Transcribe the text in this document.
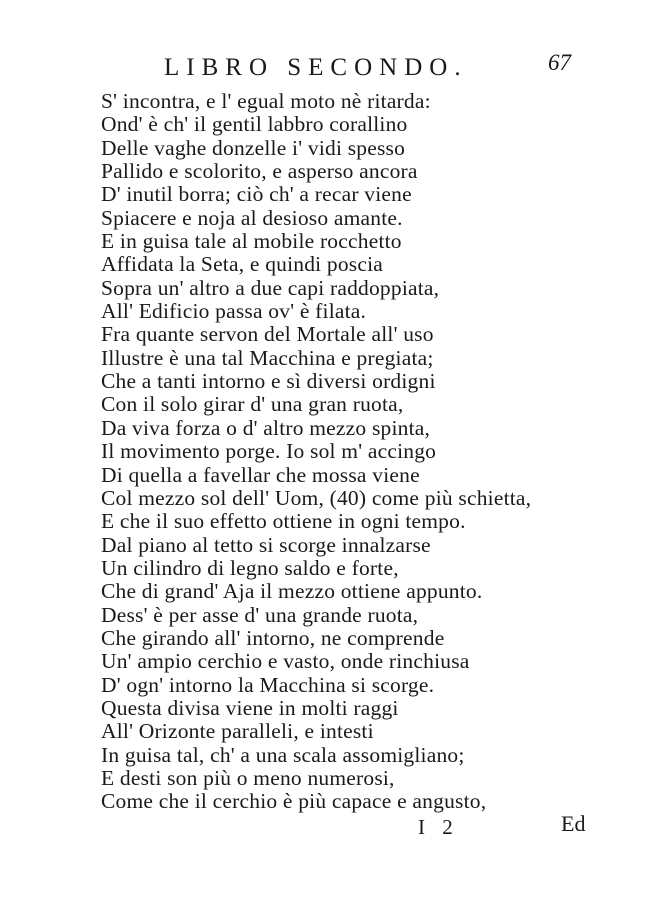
LIBRO SECONDO.	67
S' incontra, e l' egual moto nè ritarda:
Ond' è ch' il gentil labbro corallino
Delle vaghe donzelle i' vidi spesso
Pallido e scolorito, e asperso ancora
D' inutil borra; ciò ch' a recar viene
Spiacere e noja al desioso amante.
E in guisa tale al mobile rocchetto
Affidata la Seta, e quindi poscia
Sopra un' altro a due capi raddoppiata,
All' Edificio passa ov' è filata.
Fra quante servon del Mortale all' uso
Illustre è una tal Macchina e pregiata;
Che a tanti intorno e sì diversi ordigni
Con il solo girar d' una gran ruota,
Da viva forza o d' altro mezzo spinta,
Il movimento porge. Io sol m' accingo
Di quella a favellar che mossa viene
Col mezzo sol dell' Uom, (40) come più schietta,
E che il suo effetto ottiene in ogni tempo.
Dal piano al tetto si scorge innalzarse
Un cilindro di legno saldo e forte,
Che di grand' Aja il mezzo ottiene appunto.
Dess' è per asse d' una grande ruota,
Che girando all' intorno, ne comprende
Un' ampio cerchio e vasto, onde rinchiusa
D' ogn' intorno la Macchina si scorge.
Questa divisa viene in molti raggi
All' Orizonte paralleli, e intesti
In guisa tal, ch' a una scala assomigliano;
E desti son più o meno numerosi,
Come che il cerchio è più capace e angusto,
I 2	Ed
